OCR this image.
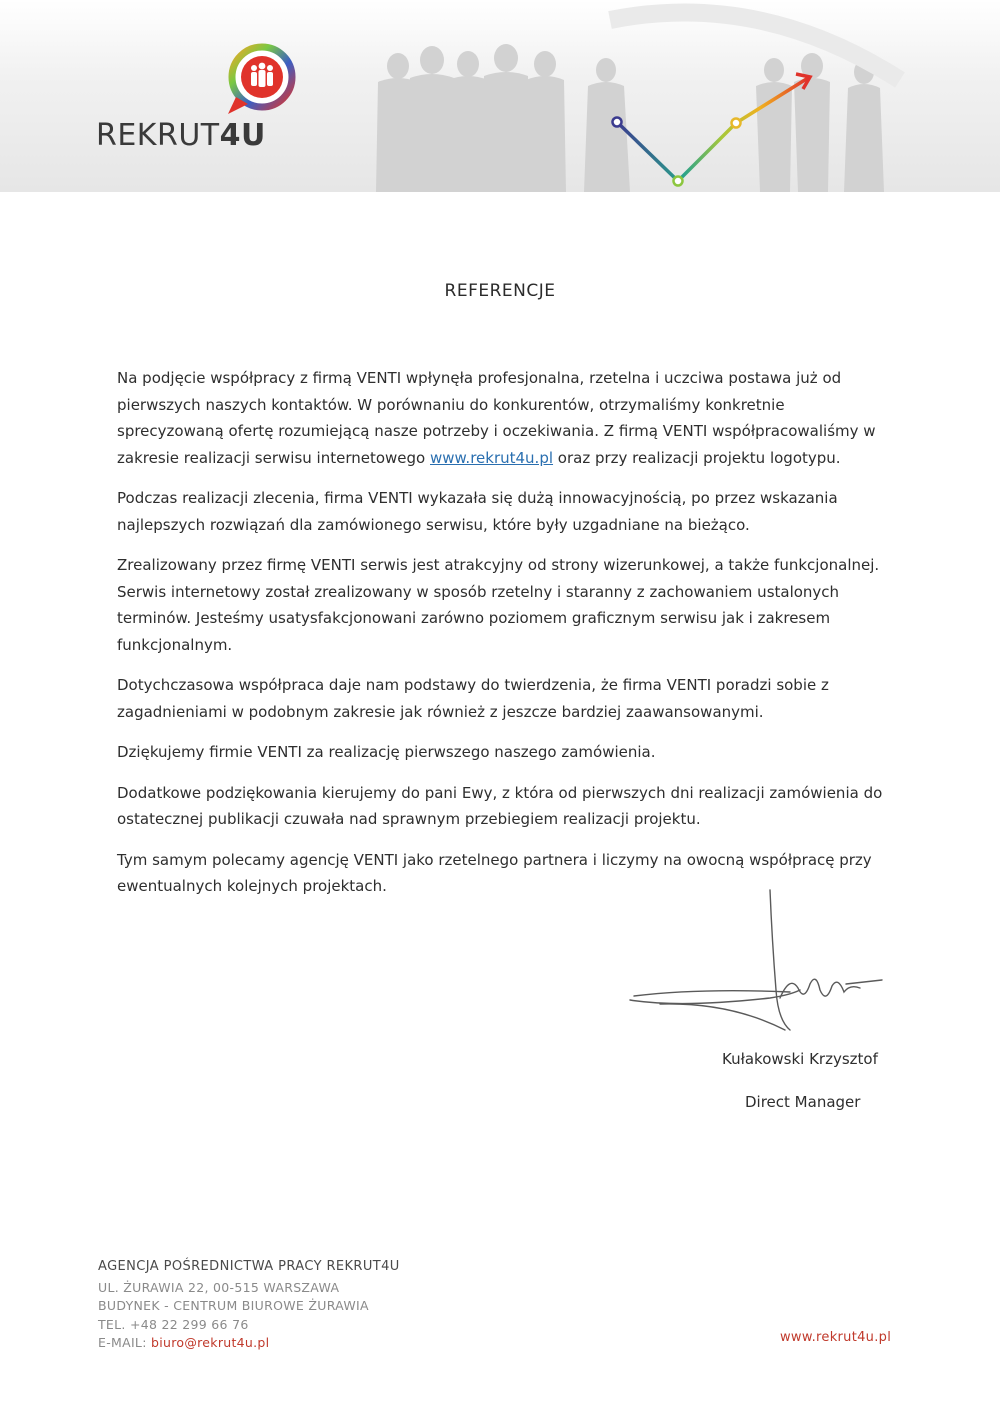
REKRUT4U
REFERENCJE

Na podjęcie współpracy z firmą VENTI wpłynęła profesjonalna, rzetelna i uczciwa postawa już od pierwszych naszych kontaktów. W porównaniu do konkurentów, otrzymaliśmy konkretnie sprecyzowaną ofertę rozumiejącą nasze potrzeby i oczekiwania. Z firmą VENTI współpracowaliśmy w zakresie realizacji serwisu internetowego www.rekrut4u.pl oraz przy realizacji projektu logotypu.

Podczas realizacji zlecenia, firma VENTI wykazała się dużą innowacyjnością, po przez wskazania najlepszych rozwiązań dla zamówionego serwisu, które były uzgadniane na bieżąco.

Zrealizowany przez firmę VENTI serwis jest atrakcyjny od strony wizerunkowej, a także funkcjonalnej. Serwis internetowy został zrealizowany w sposób rzetelny i staranny z zachowaniem ustalonych terminów. Jesteśmy usatysfakcjonowani zarówno poziomem graficznym serwisu jak i zakresem funkcjonalnym.

Dotychczasowa współpraca daje nam podstawy do twierdzenia, że firma VENTI poradzi sobie z zagadnieniami w podobnym zakresie jak również z jeszcze bardziej zaawansowanymi.

Dziękujemy firmie VENTI za realizację pierwszego naszego zamówienia.

Dodatkowe podziękowania kierujemy do pani Ewy, z która od pierwszych dni realizacji zamówienia do ostatecznej publikacji czuwała nad sprawnym przebiegiem realizacji projektu.

Tym samym polecamy agencję VENTI jako rzetelnego partnera i liczymy na owocną współpracę przy ewentualnych kolejnych projektach.

Kułakowski Krzysztof
Direct Manager
AGENCJA POŚREDNICTWA PRACY REKRUT4U
UL. ŻURAWIA 22, 00-515 WARSZAWA
BUDYNEK - CENTRUM BIUROWE ŻURAWIA
TEL. +48 22 299 66 76
E-MAIL: biuro@rekrut4u.pl	www.rekrut4u.pl
